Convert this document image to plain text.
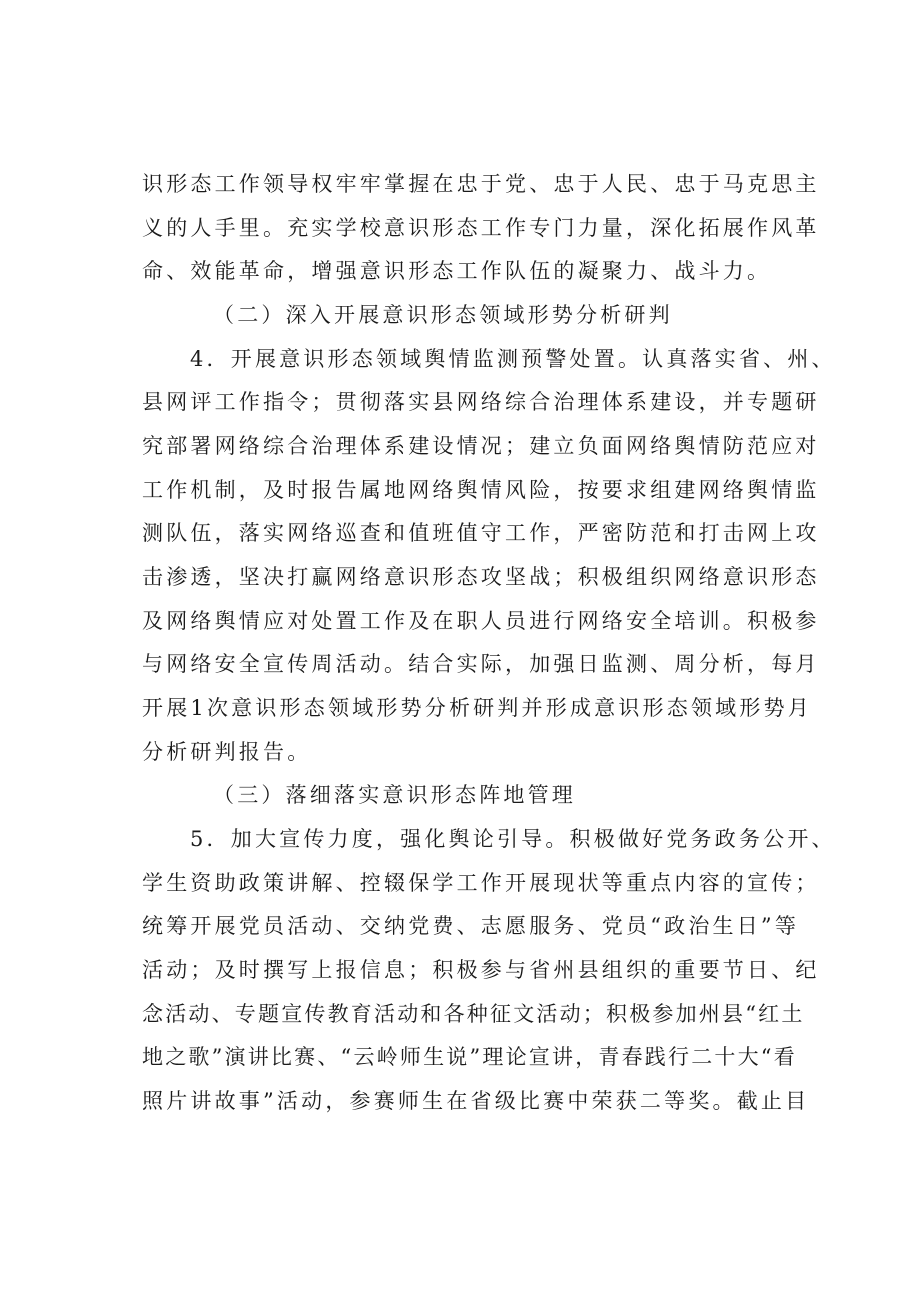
识形态工作领导权牢牢掌握在忠于党、忠于人民、忠于马克思主
义的人手里。充实学校意识形态工作专门力量，深化拓展作风革
命、效能革命，增强意识形态工作队伍的凝聚力、战斗力。
（二）深入开展意识形态领域形势分析研判
4．开展意识形态领域舆情监测预警处置。认真落实省、州、
县网评工作指令；贯彻落实县网络综合治理体系建设，并专题研
究部署网络综合治理体系建设情况；建立负面网络舆情防范应对
工作机制，及时报告属地网络舆情风险，按要求组建网络舆情监
测队伍，落实网络巡查和值班值守工作，严密防范和打击网上攻
击渗透，坚决打赢网络意识形态攻坚战；积极组织网络意识形态
及网络舆情应对处置工作及在职人员进行网络安全培训。积极参
与网络安全宣传周活动。结合实际，加强日监测、周分析，每月
开展1次意识形态领域形势分析研判并形成意识形态领域形势月
分析研判报告。
（三）落细落实意识形态阵地管理
5．加大宣传力度，强化舆论引导。积极做好党务政务公开、
学生资助政策讲解、控辍保学工作开展现状等重点内容的宣传；
统筹开展党员活动、交纳党费、志愿服务、党员“政治生日”等
活动；及时撰写上报信息；积极参与省州县组织的重要节日、纪
念活动、专题宣传教育活动和各种征文活动；积极参加州县“红土
地之歌”演讲比赛、“云岭师生说”理论宣讲，青春践行二十大“看
照片讲故事”活动，参赛师生在省级比赛中荣获二等奖。截止目
